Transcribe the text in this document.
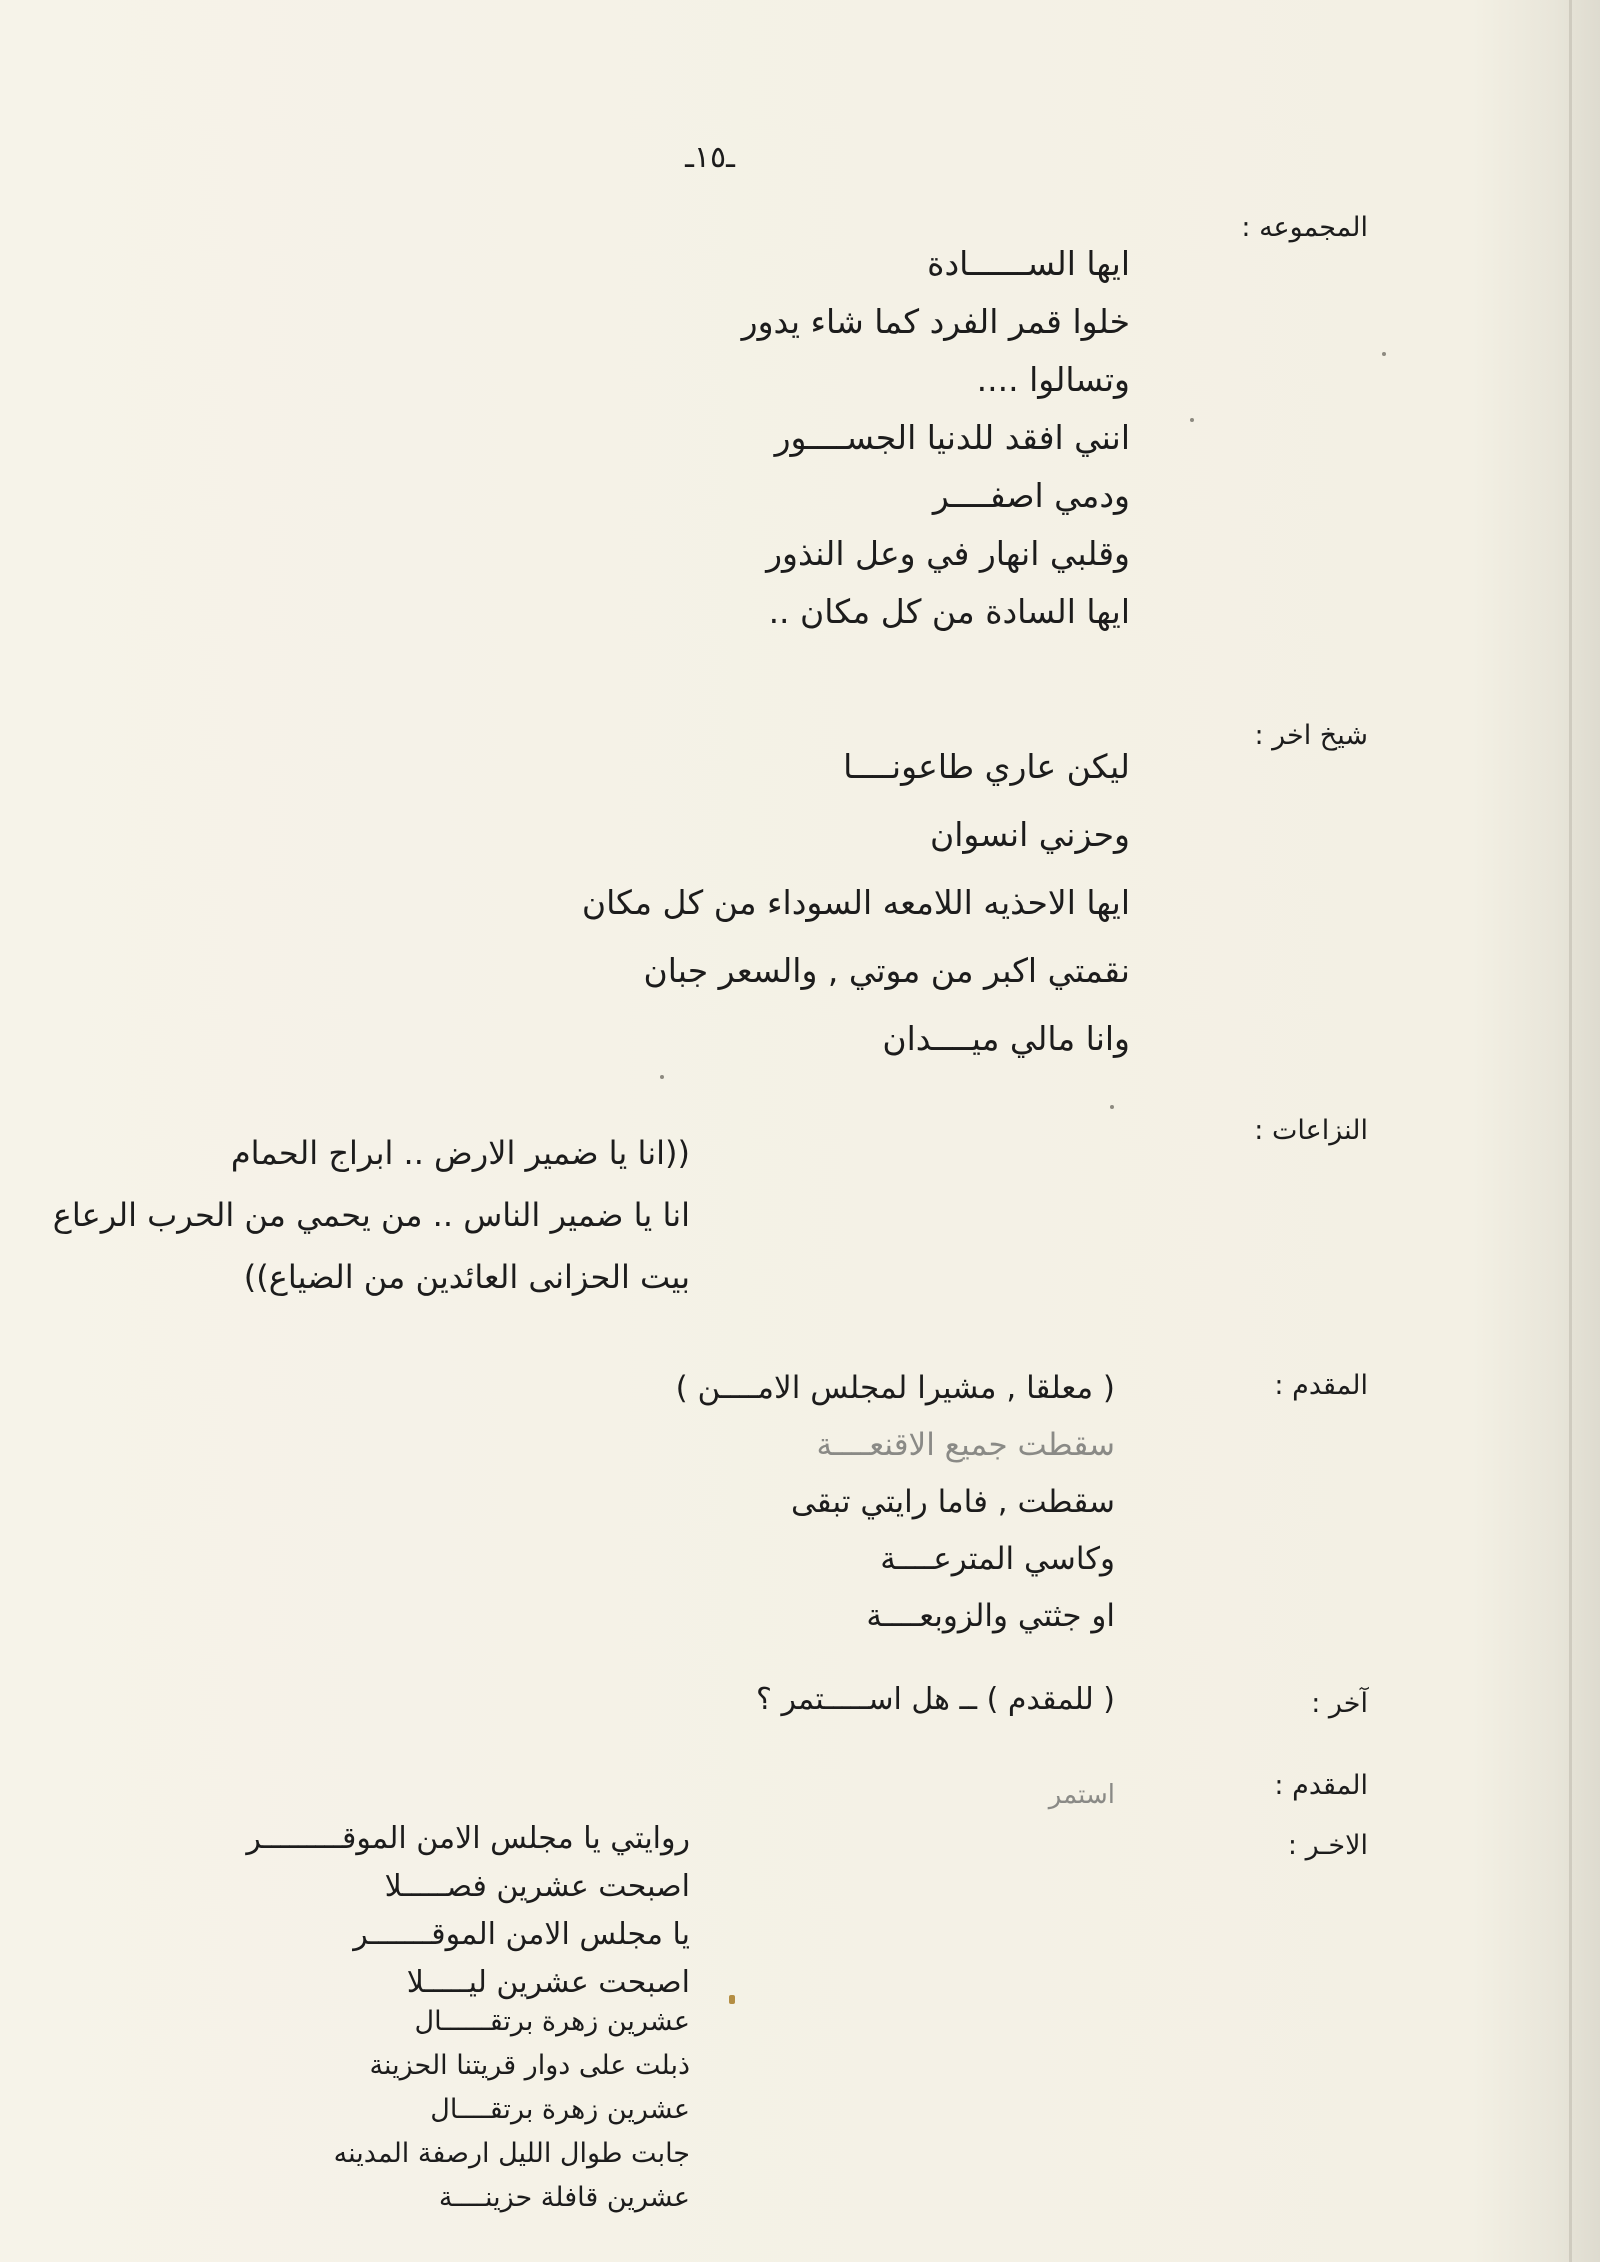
ـ١٥ـ
المجموعه :
شيخ اخر :
النزاعات :
المقدم :
آخر :
المقدم :
الاخـر :
ايها الســــــادة
خلوا قمر الفرد كما شاء يدور
وتسالوا ....
انني افقد للدنيا الجســــور
ودمي اصفــــر
وقلبي انهار في وعل النذور
ايها السادة من كل مكان ..
ليكن عاري طاعونــــا
وحزني انسوان
ايها الاحذيه اللامعه السوداء من كل مكان
نقمتي اكبر من موتي , والسعر جبان
وانا مالي ميــــدان
((انا يا ضمير الارض .. ابراج الحمام
انا يا ضمير الناس .. من يحمي من الحرب الرعاع
بيت الحزانى العائدين من الضياع))
( معلقا , مشيرا لمجلس الامــــن )
سقطت جميع الاقنعــــة
سقطت , فاما رايتي تبقى
وكاسي المترعــــة
او جثتي والزوبعــــة
( للمقدم ) ــ هل اســـــتمر ؟
استمر
روايتي يا مجلس الامن الموقـــــــــر
اصبحت عشرين فصـــــلا
يا مجلس الامن الموقـــــــر
اصبحت عشرين ليـــــلا
عشرين زهرة برتقــــــال
ذبلت على دوار قريتنا الحزينة
عشرين زهرة برتقــــال
جابت طوال الليل ارصفة المدينه
عشرين قافلة حزينــــة
